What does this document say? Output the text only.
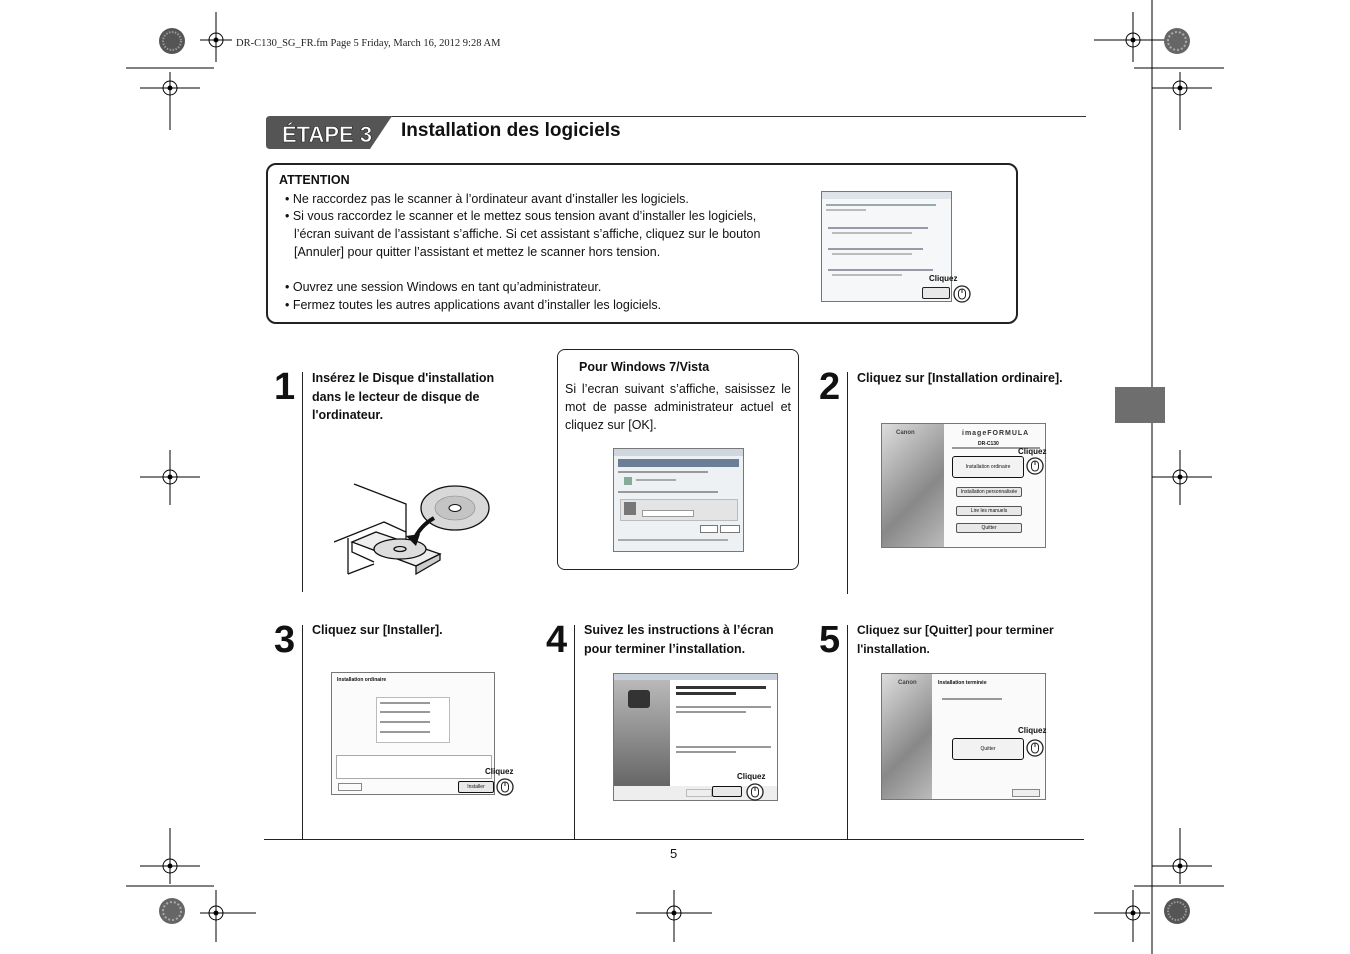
DR-C130_SG_FR.fm Page 5 Friday, March 16, 2012 9:28 AM
ÉTAPE 3 Installation des logiciels
ATTENTION
• Ne raccordez pas le scanner à l’ordinateur avant d’installer les logiciels.
• Si vous raccordez le scanner et le mettez sous tension avant d’installer les logiciels,
l’écran suivant de l’assistant s’affiche. Si cet assistant s’affiche, cliquez sur le bouton
[Annuler] pour quitter l’assistant et mettez le scanner hors tension.
• Ouvrez une session Windows en tant qu’administrateur.
• Fermez toutes les autres applications avant d’installer les logiciels.
Cliquez
1 Insérez le Disque d'installation
dans le lecteur de disque de
l'ordinateur.
Pour Windows 7/Vista
Si l’ecran suivant s’affiche, saisissez le
mot de passe administrateur actuel et
cliquez sur [OK].
2 Cliquez sur [Installation ordinaire].
Canon	imageFORMULA
DR-C130
Installation ordinaire
Installation personnalisée
Lire les manuels
Quitter
Cliquez
3 Cliquez sur [Installer].
Installation ordinaire
Installer
Cliquez
4 Suivez les instructions à l’écran
pour terminer l’installation.
Cliquez
5 Cliquez sur [Quitter] pour terminer
l'installation.
Canon	Installation terminée
Quitter
Cliquez
5
